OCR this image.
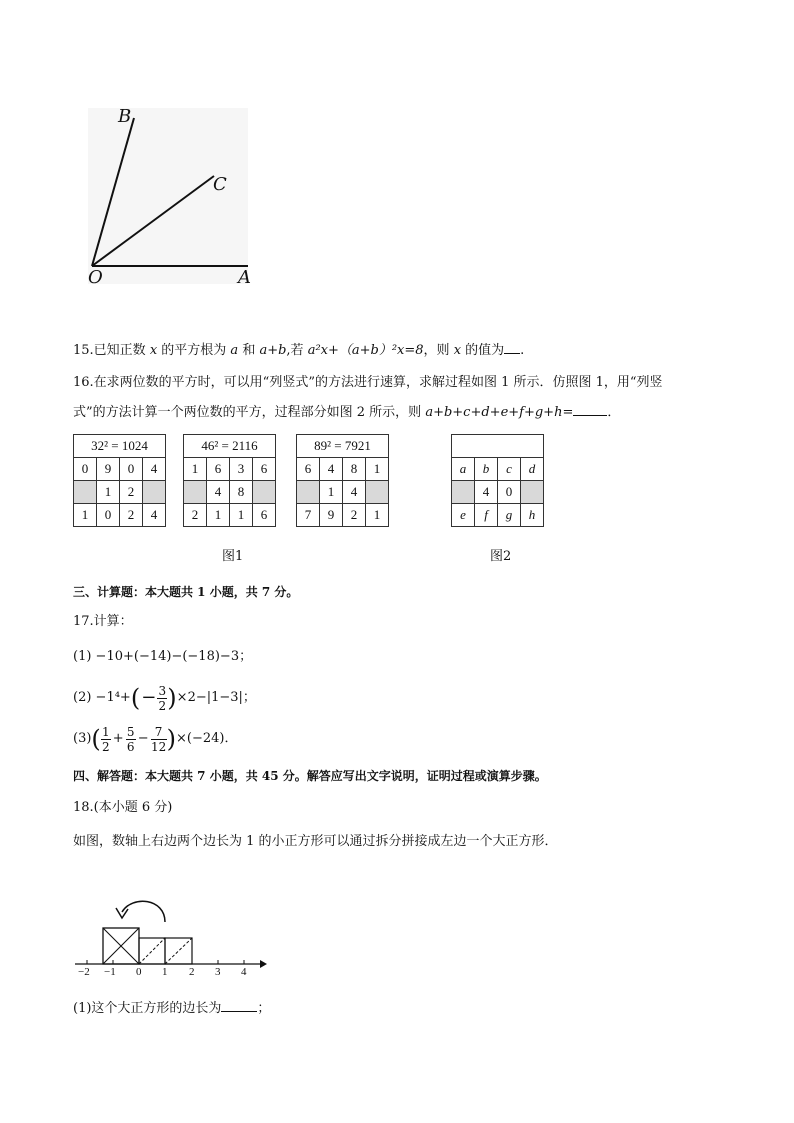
B
C
O	A
15.已知正数 x 的平方根为 a 和 a+b,若 a²x+（a+b）²x=8，则 x 的值为 .
16.在求两位数的平方时，可以用“列竖式”的方法进行速算，求解过程如图 1 所示．仿照图 1，用“列竖
式”的方法计算一个两位数的平方，过程部分如图 2 所示，则 a+b+c+d+e+f+g+h=	．
32² = 1024			
0	9	0	4
	1	2	
1	0	2	4
46² = 2116			
1	6	3	6
	4	8	
2	1	1	6
89² = 7921			
6	4	8	1
	1	4	
7	9	2	1
图1

a	b	c	d
	4	0	
e	f	g	h
图2
三、计算题：本大题共 1 小题，共 7 分。
17.计算：
(1) −10+(−14)−(−18)−3；
(2) −1⁴+ ( − 3
2 ) ×2−|1−3|；
(3) ( 1
2
+ 5
6
− 7
12 ) ×(−24)．
四、解答题：本大题共 7 小题，共 45 分。解答应写出文字说明，证明过程或演算步骤。
18.(本小题 6 分)
如图，数轴上右边两个边长为 1 的小正方形可以通过拆分拼接成左边一个大正方形．
−2 −1 0 1 2 3 4
(1)这个大正方形的边长为	；
